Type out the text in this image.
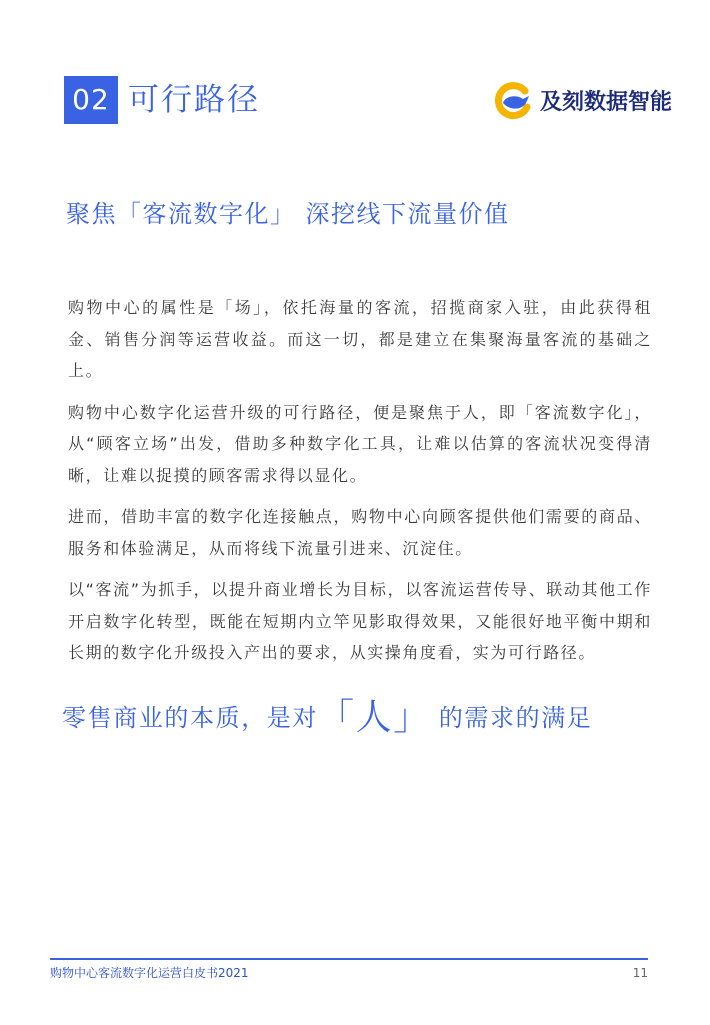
02 可行路径	及刻数据智能
聚焦「客流数字化」 深挖线下流量价值

购物中心的属性是「场」，依托海量的客流，招揽商家入驻，由此获得租金、销售分润等运营收益。而这一切，都是建立在集聚海量客流的基础之上。

购物中心数字化运营升级的可行路径，便是聚焦于人，即「客流数字化」，从“顾客立场”出发，借助多种数字化工具，让难以估算的客流状况变得清晰，让难以捉摸的顾客需求得以显化。

进而，借助丰富的数字化连接触点，购物中心向顾客提供他们需要的商品、服务和体验满足，从而将线下流量引进来、沉淀住。

以“客流”为抓手，以提升商业增长为目标，以客流运营传导、联动其他工作开启数字化转型，既能在短期内立竿见影取得效果，又能很好地平衡中期和长期的数字化升级投入产出的要求，从实操角度看，实为可行路径。

零售商业的本质，是对「人」 的需求的满足
购物中心客流数字化运营白皮书2021	11
